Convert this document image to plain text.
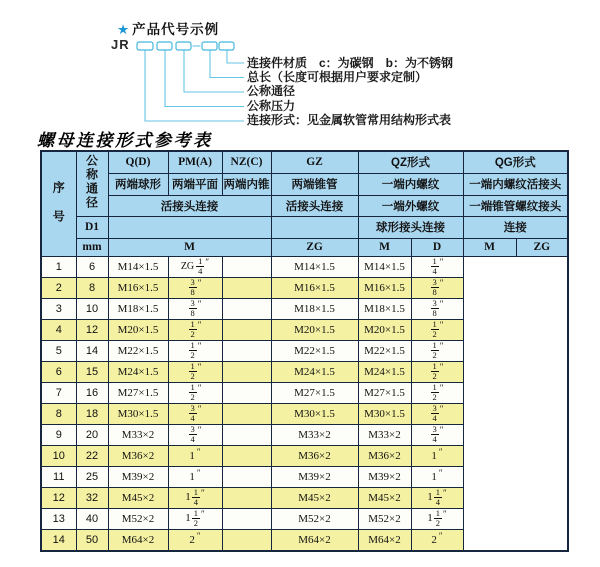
★ 产品代号示例
JR
连接件材质　c：为碳钢　b：为不锈钢
总长（长度可根据用户要求定制）
公称通径
公称压力
连接形式：见金属软管常用结构形式表
螺母连接形式参考表
序号	公称通径	Q(D)	PM(A)	NZ(C)	GZ	QZ形式		QG形式	
		两端球形	两端平面	两端内锥	两端锥管	一端内螺纹		一端内螺纹活接头	
		活接头连接			活接头连接	一端外螺纹		一端锥管螺纹接头	
	D1					球形接头连接		连接	
	mm	M			ZG	M	D	M	ZG
1	6	M14×1.5	ZG $\frac{1}{4}$ ″		M14×1.5	M14×1.5	$\frac{1}{4}$ ″		
2	8	M16×1.5	$\frac{3}{8}$ ″		M16×1.5	M16×1.5	$\frac{3}{8}$ ″		
3	10	M18×1.5	$\frac{3}{8}$ ″		M18×1.5	M18×1.5	$\frac{3}{8}$ ″		
4	12	M20×1.5	$\frac{1}{2}$ ″		M20×1.5	M20×1.5	$\frac{1}{2}$ ″		
5	14	M22×1.5	$\frac{1}{2}$ ″		M22×1.5	M22×1.5	$\frac{1}{2}$ ″		
6	15	M24×1.5	$\frac{1}{2}$ ″		M24×1.5	M24×1.5	$\frac{1}{2}$ ″		
7	16	M27×1.5	$\frac{1}{2}$ ″		M27×1.5	M27×1.5	$\frac{1}{2}$ ″		
8	18	M30×1.5	$\frac{3}{4}$ ″		M30×1.5	M30×1.5	$\frac{3}{4}$ ″		
9	20	M33×2	$\frac{3}{4}$ ″		M33×2	M33×2	$\frac{3}{4}$ ″		
10	22	M36×2	1 ″		M36×2	M36×2	1 ″		
11	25	M39×2	1 ″		M39×2	M39×2	1 ″		
12	32	M45×2	$1 \frac{1}{4}$ ″		M45×2	M45×2	$1 \frac{1}{4}$ ″		
13	40	M52×2	$1 \frac{1}{2}$ ″		M52×2	M52×2	$1 \frac{1}{2}$ ″		
14	50	M64×2	2 ″		M64×2	M64×2	2 ″		
